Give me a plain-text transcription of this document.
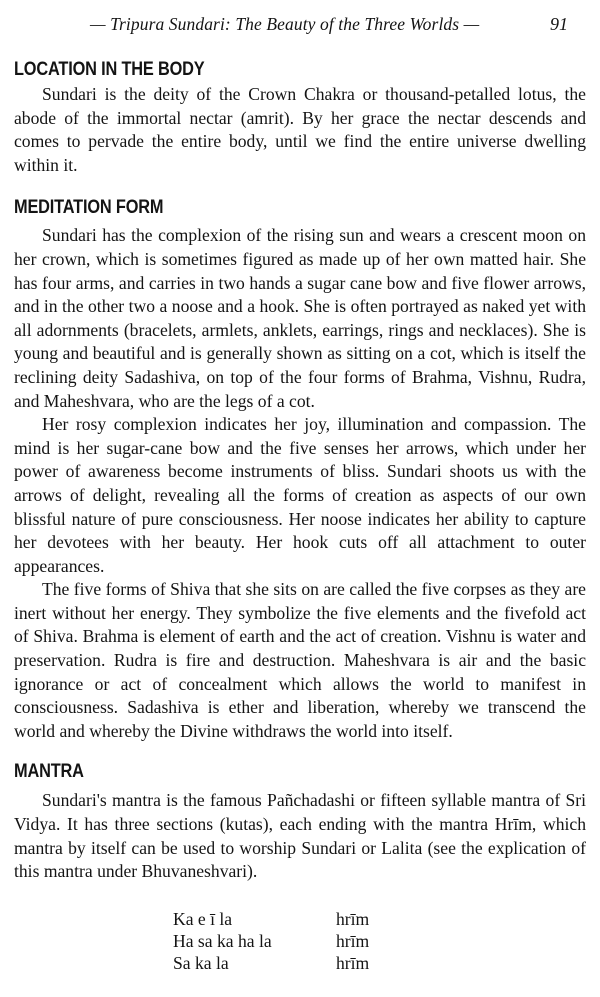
— Tripura Sundari: The Beauty of the Three Worlds —	91
LOCATION IN THE BODY

Sundari is the deity of the Crown Chakra or thousand-petalled lotus, the abode of the immortal nectar (amrit). By her grace the nectar descends and comes to pervade the entire body, until we find the entire universe dwelling within it.

MEDITATION FORM

Sundari has the complexion of the rising sun and wears a crescent moon on her crown, which is sometimes figured as made up of her own matted hair. She has four arms, and carries in two hands a sugar cane bow and five flower arrows, and in the other two a noose and a hook. She is often portrayed as naked yet with all adornments (bracelets, armlets, anklets, earrings, rings and necklaces). She is young and beautiful and is generally shown as sitting on a cot, which is itself the reclining deity Sadashiva, on top of the four forms of Brahma, Vishnu, Rudra, and Maheshvara, who are the legs of a cot.

Her rosy complexion indicates her joy, illumination and compassion. The mind is her sugar-cane bow and the five senses her arrows, which under her power of awareness become instruments of bliss. Sundari shoots us with the arrows of delight, revealing all the forms of creation as aspects of our own blissful nature of pure consciousness. Her noose indicates her ability to capture her devotees with her beauty. Her hook cuts off all attachment to outer appearances.

The five forms of Shiva that she sits on are called the five corpses as they are inert without her energy. They symbolize the five elements and the fivefold act of Shiva. Brahma is element of earth and the act of creation. Vishnu is water and preservation. Rudra is fire and destruction. Maheshvara is air and the basic ignorance or act of concealment which allows the world to manifest in consciousness. Sadashiva is ether and liberation, whereby we transcend the world and whereby the Divine withdraws the world into itself.

MANTRA

Sundari's mantra is the famous Pañchadashi or fifteen syllable mantra of Sri Vidya. It has three sections (kutas), each ending with the mantra Hrīm, which mantra by itself can be used to worship Sundari or Lalita (see the explication of this mantra under Bhuvaneshvari).

Ka e ī la	hrīm
Ha sa ka ha la	hrīm
Sa ka la	hrīm
